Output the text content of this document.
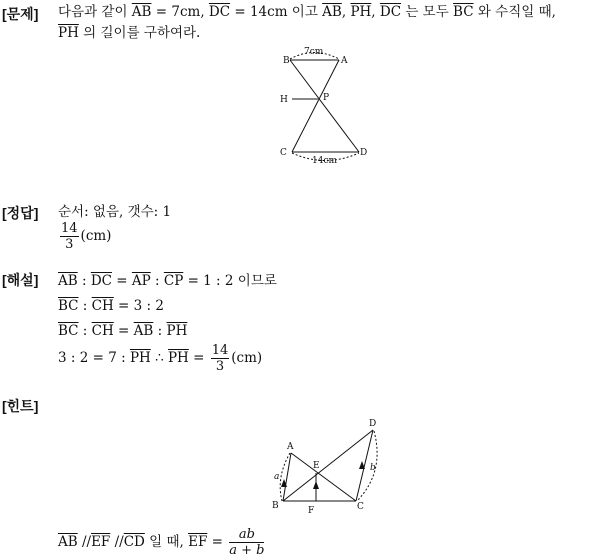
[문제] 다음과 같이 $\overline{AB} = 7cm$, $\overline{DC} = 14cm$ 이고 $\overline{AB}$, $\overline{PH}$, $\overline{DC}$ 는 모두 $\overline{BC}$ 와 수직일 때,
$\overline{PH}$ 의 길이를 구하여라.
B	A
H	P
C	D
7cm
14cm
[정답] 순서: 없음, 갯수: 1
$\frac{14}{3} (cm)$
[해설] $\overline{AB}$ : $\overline{DC} = \overline{AP}$ : $\overline{CP} = 1$ : 2 이므로
$\overline{BC}$ : $\overline{CH} = 3$ : 2
$\overline{BC}$ : $\overline{CH} = \overline{AB}$ : $\overline{PH}$
3 : 2 = 7 : $\overline{PH}$ ∴ $\overline{PH} = \frac{14}{3} (cm)$
[힌트]
A
B	C
D
E
F
a
b
$\overline{AB}$ $//\overline{EF}$ $//\overline{CD}$ 일 때, $\overline{EF} = \frac{ab}{a + b}$
